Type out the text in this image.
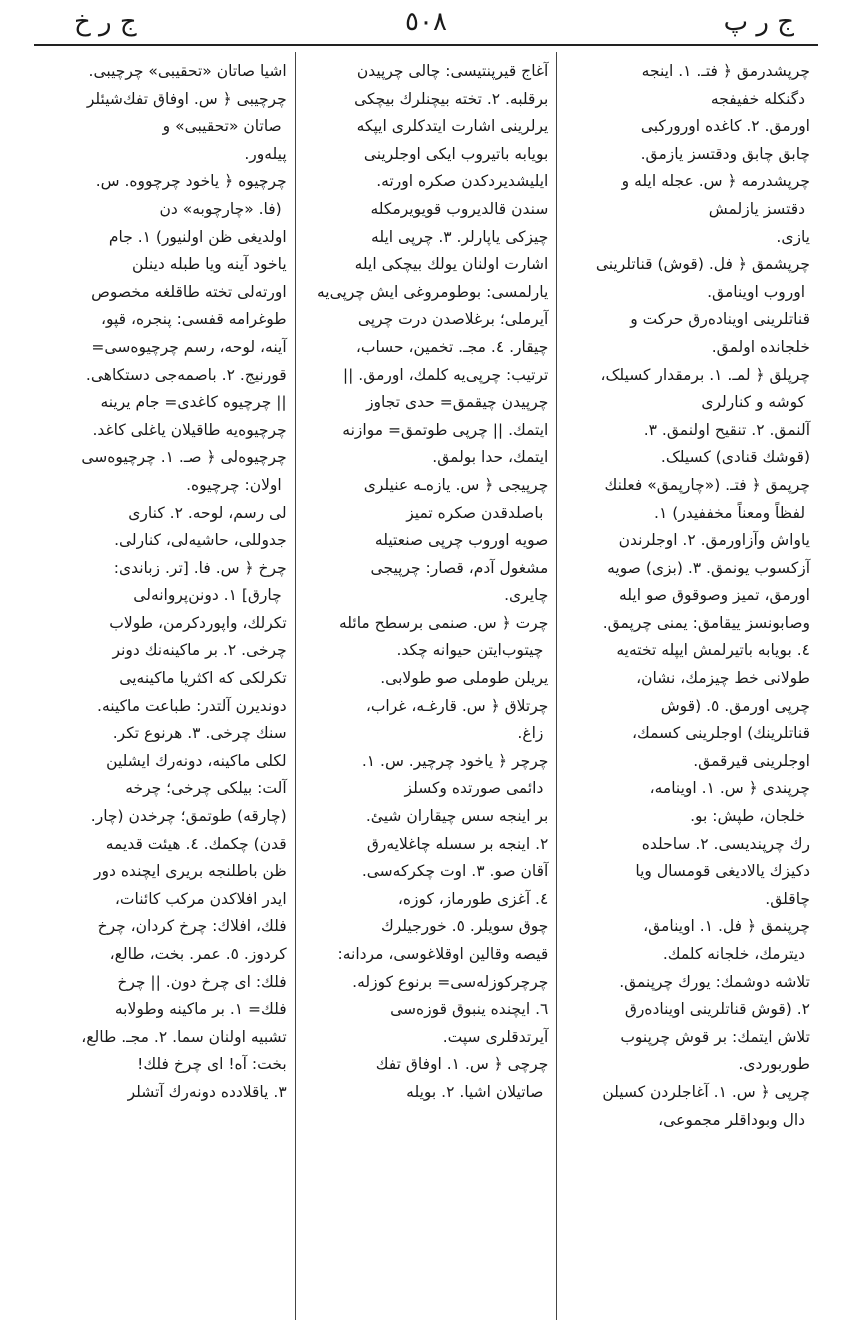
ج ر پ
٥٠٨
ج ر خ
چرپشدرمق ﴿ فتـ. ١. اینجه
دگنکله خفیفجه
اورمق. ٢. کاغده اورورکبی
چابق چابق ودقتسز یازمق.
چرپشدرمه ﴿ س. عجله ایله و
دقتسز یازلمش
یازی.
چرپشمق ﴿ فل. (قوش) قناتلرینی
اوروب اوینامق.
قناتلرینی اوینادەرق حرکت و
خلجانده اولمق.
چرپلق ﴿ لمـ. ١. برمقدار کسیلک،
کوشه و کنارلری
آلنمق. ٢. تنقیح اولنمق. ٣.
(قوشك قنادی) کسیلک.
چرپمق ﴿ فتـ. («چارپمق» فعلنك
لفظاً ومعناً مخففیدر) ١.
یاواش وآزاورمق. ٢. اوجلرندن
آزکسوب یونمق. ٣. (بزی) صویه
اورمق، تمیز وصوقوق صو ایله
وصابونسز ییقامق: یمنی چرپمق.
٤. بویابه باتیرلمش ایپله تخته‌یه
طولانی خط چیزمك، نشان،
چرپی اورمق. ٥. (قوش
قناتلرینك) اوجلرینی کسمك،
اوجلرینی قیرقمق.
چرپندی ﴿ س. ١. اوینامه،
خلجان، طپش: بو.
رك چرپندیسی. ٢. ساحلده
دکیزك یالادیغی قومسال ویا
چاقلق.
چرپنمق ﴿ فل. ١. اوینامق،
دیترمك، خلجانه کلمك.
تلاشه دوشمك: یورك چرپنمق.
٢. (قوش قناتلرینی اوینادەرق
تلاش ایتمك: بر قوش چرپنوب
طوربوردی.
چرپی ﴿ س. ١. آغاجلردن کسیلن
دال وبوداقلر مجموعی،
آغاج قیرپنتیسی: چالی چرپیدن
برقلبه. ٢. تخته بیچنلرك بیچکی
یرلرینی اشارت ایتدکلری ایپکه
بویابه باتیروب ایکی اوجلرینی
ایلیشدیردکدن صکره اورته.
سندن قالدیروب قویویرمکله
چیزکی یاپارلر. ٣. چرپی ایله
اشارت اولنان یولك بیچکی ایله
یارلمسی: بوطومروغی ایش چرپی‌یه
آیرملی؛ برغلاصدن درت چرپی
چیقار. ٤. مجـ. تخمین، حساب،
ترتیب: چرپی‌یه کلمك، اورمق. ||
چرپیدن چیقمق= حدی تجاوز
ایتمك. || چرپی طوتمق= موازنه
ایتمك، حدا بولمق.
چرپیجی ﴿ س. یازەـه عنیلری
باصلدقدن صکره تمیز
صویه اوروب چرپی صنعتیله
مشغول آدم، قصار: چرپیجی
چایری.
چرت ﴿ س. صنمی برسطح مائله
چیتوب‌ایتن حیوانه چکد.
یریلن طوملی صو طولابی.
چرتلاق ﴿ س. قارغـه، غراب،
زاغ.
چرچر ﴿ یاخود چرچیر. س. ١.
دائمی صورتده وکسلز
بر اینجه سس چیقاران شیئ.
٢. اینجه بر سسله چاغلایەرق
آقان صو. ٣. اوت چکرکه‌سی.
٤. آغزی طورماز، کوزه،
چوق سویلر. ٥. خورجیلرك
قیصه وقالین اوقلاغوسی، مردانه:
چرچرکوزله‌سی= برنوع کوزله.
٦. ایچنده ینبوق قوزه‌سی
آیرتدقلری سپت.
چرچی ﴿ س. ١. اوفاق تفك
صاتیلان اشیا. ٢. بویله
اشیا صاتان «تحقیبی» چرچیبی.
چرچیبی ﴿ س. اوفاق تفك‌شیئلر
صاتان «تحقیبی» و
پیله‌ور.
چرچیوه ﴿ یاخود چرچووه. س.
(فا. «چارچوبه» دن
اولدیغی ظن اولنیور) ١. جام
یاخود آینه ویا طبله دینلن
اورتەلی تخته طاقلغه مخصوص
طوغرامه قفسی: پنجره، قپو،
آینه، لوحه، رسم چرچیوه‌سی=
قورنیج. ٢. باصمه‌جی دستکاهی.
|| چرچیوه کاغدی= جام یرینه
چرچیوه‌یه طاقیلان یاغلی کاغد.
چرچیوه‌لی ﴿ صـ. ١. چرچیوه‌سی
اولان: چرچیوه.
لی رسم، لوحه. ٢. کناری
جدوللی، حاشیەلی، کنارلی.
چرخ ﴿ س. فا. [تر. زباندی:
چارق] ١. دونن‌پروانه‌لی
تکرلك، واپوردکرمن، طولاب
چرخی. ٢. بر ماکینه‌نك دونر
تکرلکی که اکثریا ماکینه‌یی
دوندیرن آلتدر: طباعت ماکینه.
سنك چرخی. ٣. هرنوع تکر.
لکلی ماکینه، دونەرك ایشلین
آلت: بیلکی چرخی؛ چرخه
(چارقه) طوتمق؛ چرخدن (چار.
قدن) چکمك. ٤. هیئت قدیمه
ظن باطلنجه بریری ایچنده دور
ایدر افلاکدن مرکب کائنات،
فلك، افلاك: چرخ کردان، چرخ
کردوز. ٥. عمر. بخت، طالع،
فلك: ای چرخ دون. || چرخ
فلك= ١. بر ماکینه وطولابه
تشبیه اولنان سما. ٢. مجـ. طالع،
بخت: آه! ای چرخ فلك!
٣. یاقلادده دونەرك آتشلر
